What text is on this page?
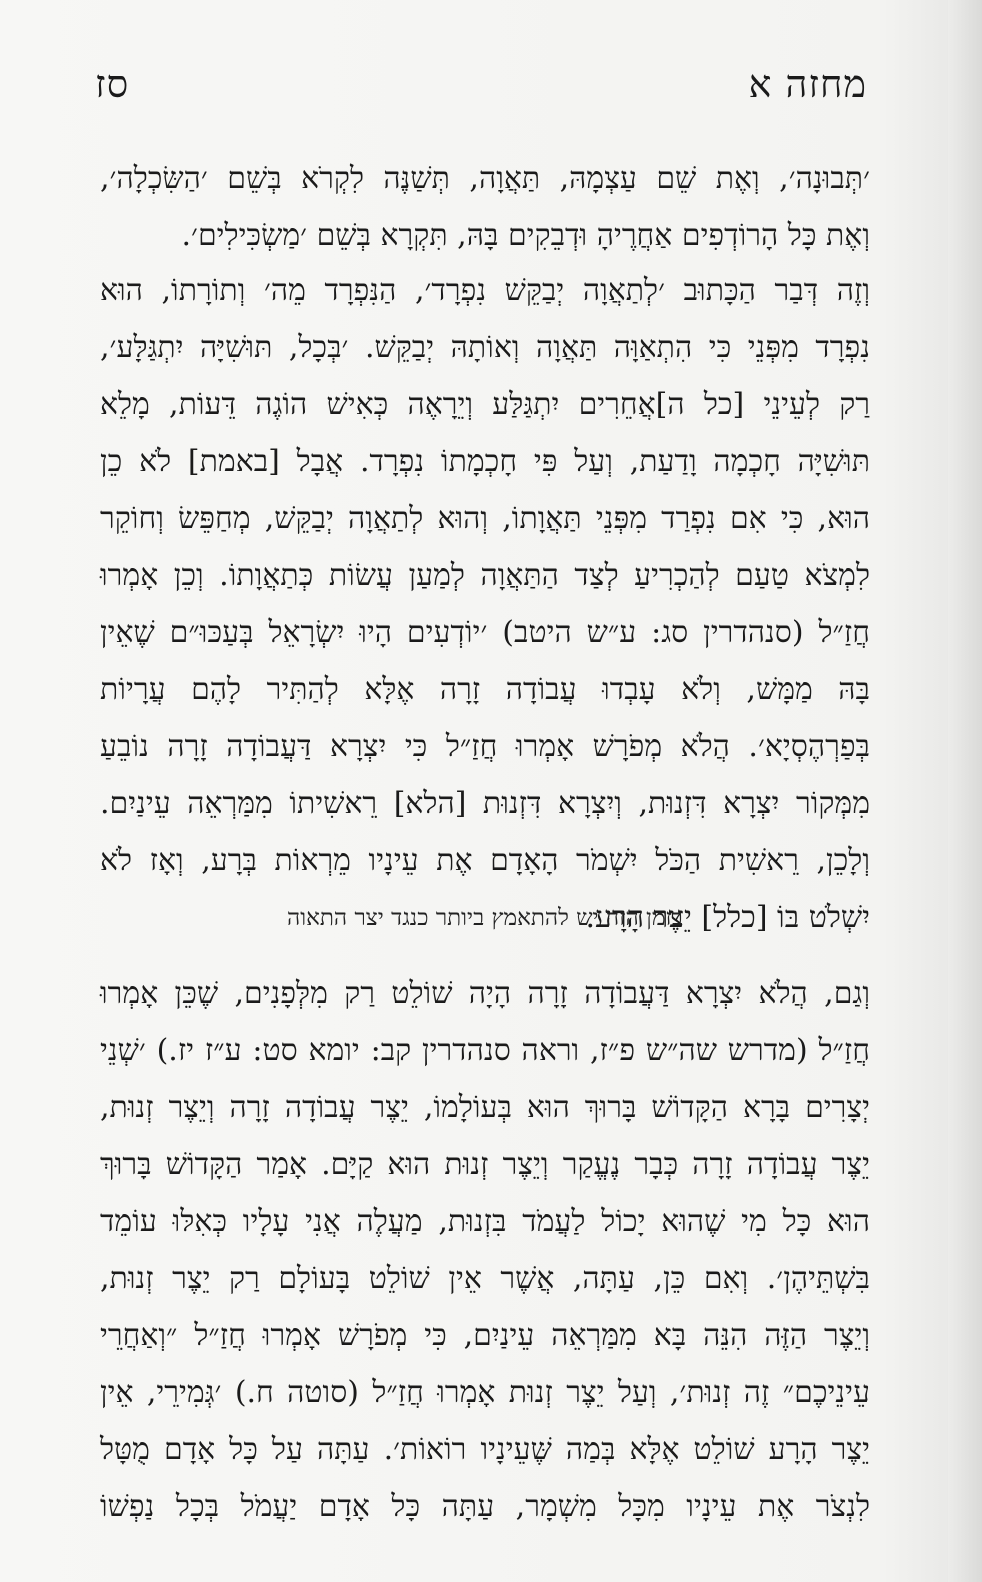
מחזה א
סז
׳תְּבוּנָה׳, וְאֶת שֵׁם עַצְמָהּ, תַּאֲוָה, תְּשַׁנֶּה לִקְרֹא בְּשֵׁם ׳הַשִּׂכְלָה׳,
וְאֶת כָּל הָרוֹדְפִים אַחֲרֶיהָ וּדְבֵקִים בָּהּ, תִּקְרָא בְּשֵׁם ׳מַשְׂכִּילִים׳.
וְזֶה דְּבַר הַכָּתוּב ׳לְתַאֲוָה יְבַקֵּשׁ נִפְרָד׳, הַנִּפְרָד מֵה׳ וְתוֹרָתוֹ, הוּא
נִפְרָד מִפְּנֵי כִּי הִתְאַוָּה תַּאֲוָה וְאוֹתָהּ יְבַקֵּשׁ. ׳בְּכָל, תּוּשִׁיָּה יִתְגַּלָּע׳,
רַק לְעֵינֵי [כל ה]אֲחֵרִים יִתְגַּלַּע וְיֵרָאֶה כְּאִישׁ הוֹגֶה דֵּעוֹת, מָלֵא
תּוּשִׁיָּה חָכְמָה וָדַעַת, וְעַל פִּי חָכְמָתוֹ נִפְרָד. אֲבָל [באמת] לֹא כֵן
הוּא, כִּי אִם נִפְרַד מִפְּנֵי תַּאֲוָתוֹ, וְהוּא לְתַאֲוָה יְבַקֵּשׁ, מְחַפֵּשׂ וְחוֹקֵר
לִמְצֹא טַעַם לְהַכְרִיעַ לְצַד הַתַּאֲוָה לְמַעַן עֲשׂוֹת כְּתַאֲוָתוֹ. וְכֵן אָמְרוּ
חֲזַ״ל (סנהדרין סג: ע״ש היטב) ׳יוֹדְעִים הָיוּ יִשְׂרָאֵל בְּעַכּוּ״ם שֶׁאֵין
בָּהּ מַמָּשׁ, וְלֹא עָבְדוּ עֲבוֹדָה זָרָה אֶלָּא לְהַתִּיר לָהֶם עֲרָיוֹת
בְּפַרְהֶסְיָא׳. הֲלֹא מְפֹרָשׁ אָמְרוּ חֲזַ״ל כִּי יִצְרָא דַּעֲבוֹדָה זָרָה נוֹבֵעַ
מִמְּקוֹר יִצְרָא דִּזְנוּת, וְיִצְרָא דִּזְנוּת [הלא] רֵאשִׁיתוֹ מִמַּרְאֵה עֵינַיִם.
וְלָכֵן, רֵאשִׁית הַכֹּל יִשְׁמֹר הָאָדָם אֶת עֵינָיו מֵרְאוֹת בְּרָע, וְאָז לֹא
יִשְׁלֹט בּוֹ [כלל] יֵצֶר הָרָע.
בזמן הזה יש להתאמץ ביותר כנגד יצר התאוה
וְגַם, הֲלֹא יִצְרָא דַּעֲבוֹדָה זָרָה הָיָה שׁוֹלֵט רַק מִלְּפָנִים, שֶׁכֵּן אָמְרוּ
חֲזַ״ל (מדרש שה״ש פ״ז, וראה סנהדרין קב: יומא סט: ע״ז יז.) ׳שְׁנֵי
יְצָרִים בָּרָא הַקָּדוֹשׁ בָּרוּךְ הוּא בְּעוֹלָמוֹ, יֵצֶר עֲבוֹדָה זָרָה וְיֵצֶר זְנוּת,
יֵצֶר עֲבוֹדָה זָרָה כְּבָר נֶעֱקַר וְיֵצֶר זְנוּת הוּא קַיָּם. אָמַר הַקָּדוֹשׁ בָּרוּךְ
הוּא כָּל מִי שֶׁהוּא יָכוֹל לַעֲמֹד בִּזְנוּת, מַעֲלֶה אֲנִי עָלָיו כְּאִלּוּ עוֹמֵד
בִּשְׁתֵּיהֶן׳. וְאִם כֵּן, עַתָּה, אֲשֶׁר אֵין שׁוֹלֵט בָּעוֹלָם רַק יֵצֶר זְנוּת,
וְיֵצֶר הַזֶּה הִנֵּה בָּא מִמַּרְאֵה עֵינַיִם, כִּי מְפֹרָשׁ אָמְרוּ חֲזַ״ל ״וְאַחֲרֵי
עֵינֵיכֶם״ זֶה זְנוּת׳, וְעַל יֵצֶר זְנוּת אָמְרוּ חֲזַ״ל (סוטה ח.) ׳גְּמִירֵי, אֵין
יֵצֶר הָרָע שׁוֹלֵט אֶלָּא בְּמַה שֶּׁעֵינָיו רוֹאוֹת׳. עַתָּה עַל כָּל אָדָם מֻטָּל
לִנְצֹר אֶת עֵינָיו מִכָּל מִשְׁמָר, עַתָּה כָּל אָדָם יַעֲמֹל בְּכָל נַפְשׁוֹ
